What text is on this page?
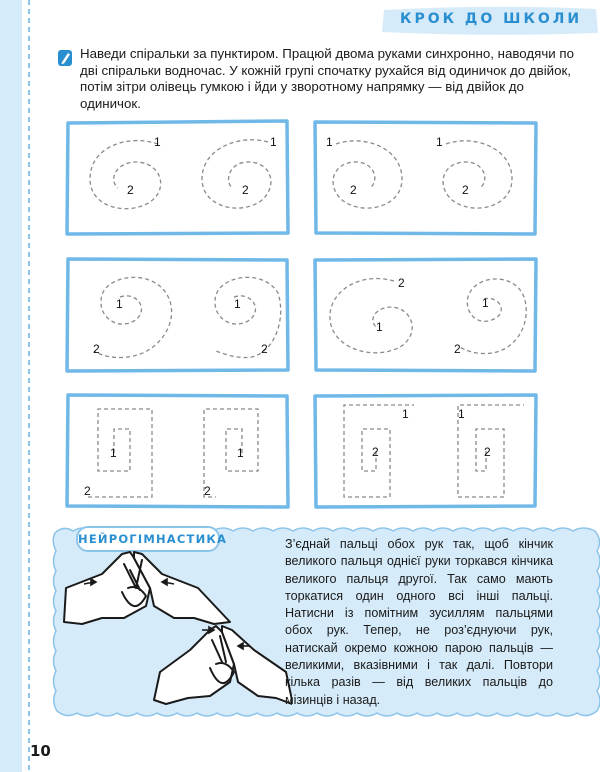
КРОК ДО ШКОЛИ
Наведи спіральки за пунктиром. Працюй двома руками синхронно, наводячи по дві спіральки водночас. У кожній групі спочатку рухайся від одиничок до двійок, потім зітри олівець гумкою і йди у зворотному напрямку — від двійок до одиничок.
1
2
1
2
1
2
1
2
1
2
1
2
2
1
1
2
1
2
1
2
1
2
1
2
НЕЙРОГІМНАСТИКА	З’єднай пальці обох рук так, щоб кінчик великого пальця однієї руки торкався кінчика великого пальця другої. Так само мають торкатися один одного всі інші пальці. Натисни із помітним зусиллям пальцями обох рук. Тепер, не роз’єднуючи рук, натискай окремо кожною парою пальців — великими, вказівними і так далі. Повтори кілька разів — від великих пальців до мізинців і назад.
10
